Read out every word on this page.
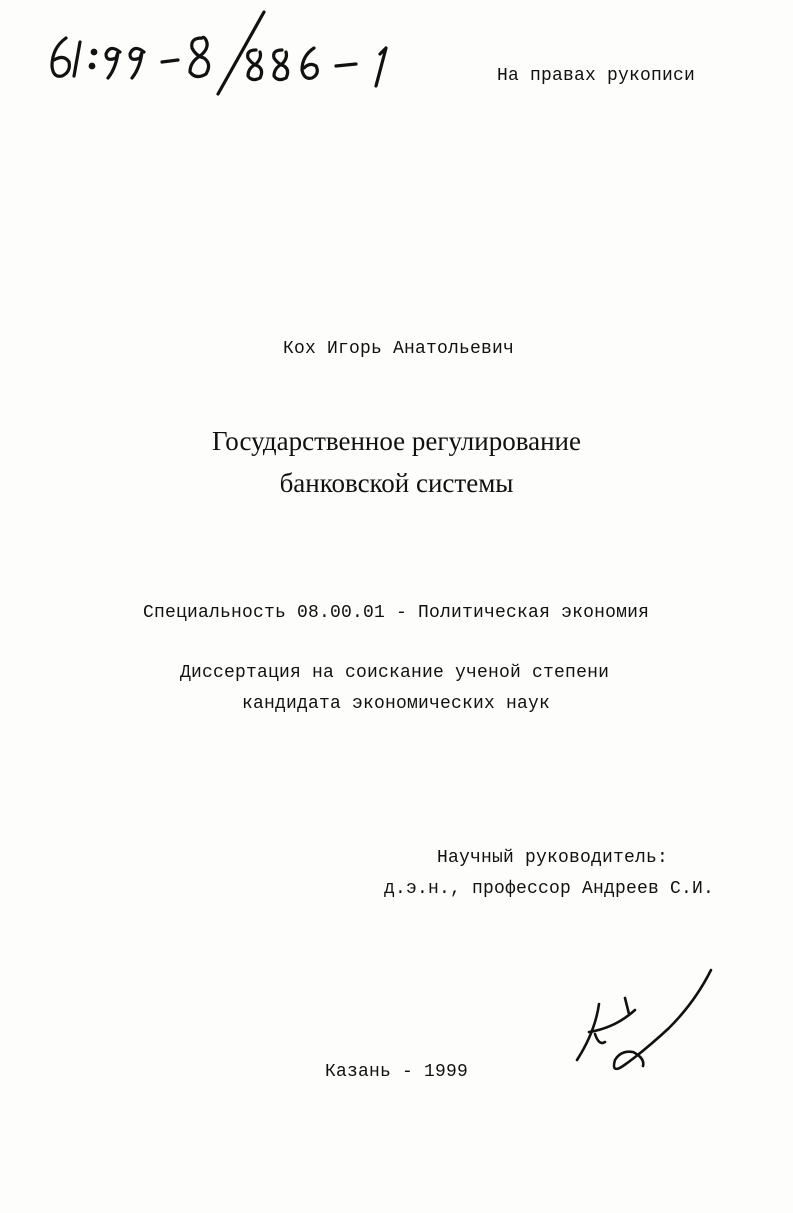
На правах рукописи
Кох Игорь Анатольевич
Государственное регулирование
банковской системы
Специальность 08.00.01 - Политическая экономия
Диссертация на соискание ученой степени
кандидата экономических наук
Научный руководитель:
д.э.н., профессор Андреев С.И.
Казань - 1999
